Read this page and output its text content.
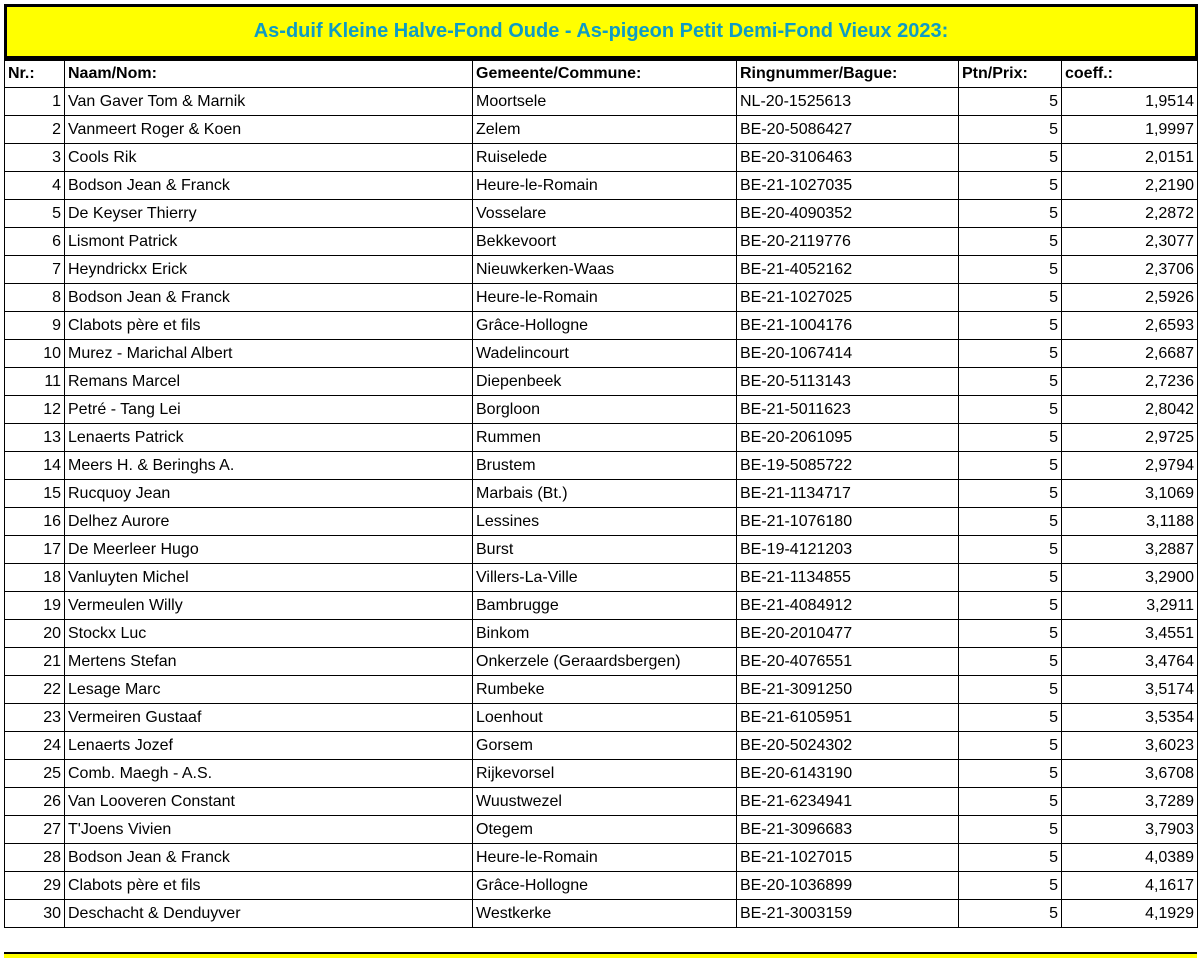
As-duif Kleine Halve-Fond Oude - As-pigeon Petit Demi-Fond Vieux 2023:
Nr.:	Naam/Nom:	Gemeente/Commune:	Ringnummer/Bague:	Ptn/Prix:	coeff.:
1	Van Gaver Tom & Marnik	Moortsele	NL-20-1525613	5	1,9514
2	Vanmeert Roger & Koen	Zelem	BE-20-5086427	5	1,9997
3	Cools Rik	Ruiselede	BE-20-3106463	5	2,0151
4	Bodson Jean & Franck	Heure-le-Romain	BE-21-1027035	5	2,2190
5	De Keyser Thierry	Vosselare	BE-20-4090352	5	2,2872
6	Lismont Patrick	Bekkevoort	BE-20-2119776	5	2,3077
7	Heyndrickx Erick	Nieuwkerken-Waas	BE-21-4052162	5	2,3706
8	Bodson Jean & Franck	Heure-le-Romain	BE-21-1027025	5	2,5926
9	Clabots père et fils	Grâce-Hollogne	BE-21-1004176	5	2,6593
10	Murez - Marichal Albert	Wadelincourt	BE-20-1067414	5	2,6687
11	Remans Marcel	Diepenbeek	BE-20-5113143	5	2,7236
12	Petré - Tang Lei	Borgloon	BE-21-5011623	5	2,8042
13	Lenaerts Patrick	Rummen	BE-20-2061095	5	2,9725
14	Meers H. & Beringhs A.	Brustem	BE-19-5085722	5	2,9794
15	Rucquoy Jean	Marbais (Bt.)	BE-21-1134717	5	3,1069
16	Delhez Aurore	Lessines	BE-21-1076180	5	3,1188
17	De Meerleer Hugo	Burst	BE-19-4121203	5	3,2887
18	Vanluyten Michel	Villers-La-Ville	BE-21-1134855	5	3,2900
19	Vermeulen Willy	Bambrugge	BE-21-4084912	5	3,2911
20	Stockx Luc	Binkom	BE-20-2010477	5	3,4551
21	Mertens Stefan	Onkerzele (Geraardsbergen)	BE-20-4076551	5	3,4764
22	Lesage Marc	Rumbeke	BE-21-3091250	5	3,5174
23	Vermeiren Gustaaf	Loenhout	BE-21-6105951	5	3,5354
24	Lenaerts Jozef	Gorsem	BE-20-5024302	5	3,6023
25	Comb. Maegh - A.S.	Rijkevorsel	BE-20-6143190	5	3,6708
26	Van Looveren Constant	Wuustwezel	BE-21-6234941	5	3,7289
27	T'Joens Vivien	Otegem	BE-21-3096683	5	3,7903
28	Bodson Jean & Franck	Heure-le-Romain	BE-21-1027015	5	4,0389
29	Clabots père et fils	Grâce-Hollogne	BE-20-1036899	5	4,1617
30	Deschacht & Denduyver	Westkerke	BE-21-3003159	5	4,1929
